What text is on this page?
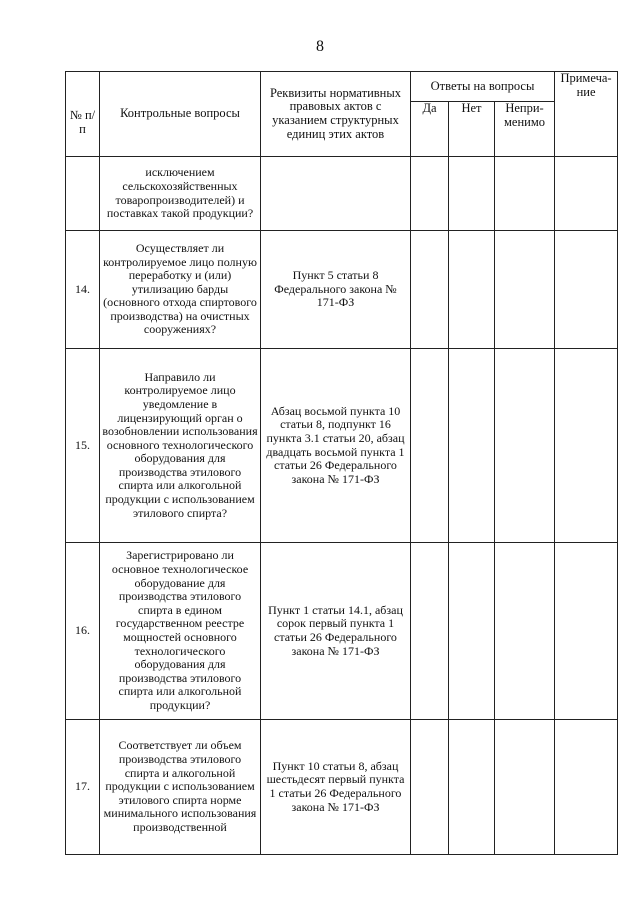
8
№ п/п	Контрольные вопросы	Реквизиты нормативных правовых актов с указанием структурных единиц этих актов	Ответы на вопросы			Примеча-ние
			Да	Нет	Непри-менимо	
	исключением сельскохозяйственных товаропроизводителей) и поставках такой продукции?					
14.	Осуществляет ли контролируемое лицо полную переработку и (или) утилизацию барды (основного отхода спиртового производства) на очистных сооружениях?	Пункт 5 статьи 8 Федерального закона № 171-ФЗ				
15.	Направило ли контролируемое лицо уведомление в лицензирующий орган о возобновлении использования основного технологического оборудования для производства этилового спирта или алкогольной продукции с использованием этилового спирта?	Абзац восьмой пункта 10 статьи 8, подпункт 16 пункта 3.1 статьи 20, абзац двадцать восьмой пункта 1 статьи 26 Федерального закона № 171-ФЗ				
16.	Зарегистрировано ли основное технологическое оборудование для производства этилового спирта в едином государственном реестре мощностей основного технологического оборудования для производства этилового спирта или алкогольной продукции?	Пункт 1 статьи 14.1, абзац сорок первый пункта 1 статьи 26 Федерального закона № 171-ФЗ				
17.	Соответствует ли объем производства этилового спирта и алкогольной продукции с использованием этилового спирта норме минимального использования производственной	Пункт 10 статьи 8, абзац шестьдесят первый пункта 1 статьи 26 Федерального закона № 171-ФЗ				
